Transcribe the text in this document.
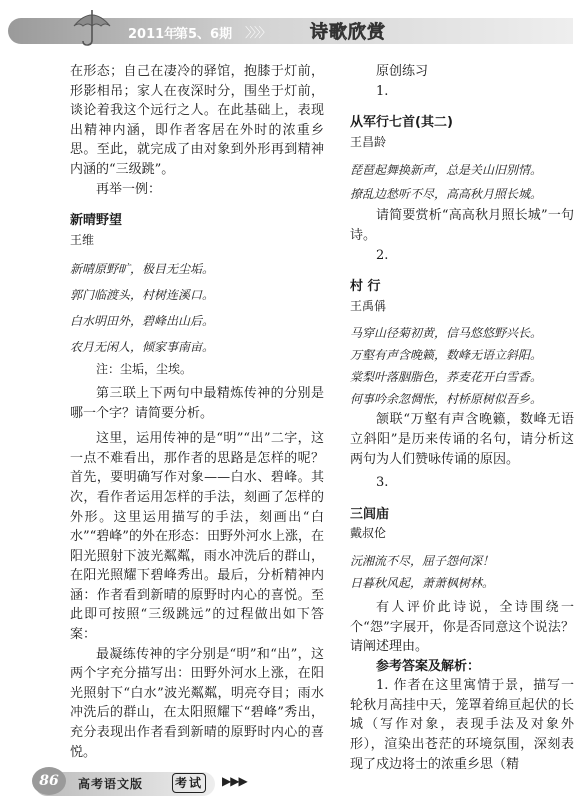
2011年
第5、6期 〉〉〉〉 诗歌欣赏

在形态；自己在凄冷的驿馆，抱膝于灯前，形影相吊；家人在夜深时分，围坐于灯前，谈论着我这个远行之人。在此基础上，表现出精神内涵，即作者客居在外时的浓重乡思。至此，就完成了由对象到外形再到精神内涵的“三级跳”。

再举一例：

新晴野望

王维

新晴原野旷，极目无尘垢。

郭门临渡头，村树连溪口。

白水明田外，碧峰出山后。

农月无闲人，倾家事南亩。

注：尘垢，尘埃。

第三联上下两句中最精炼传神的分别是哪一个字？请简要分析。

这里，运用传神的是“明”“出”二字，这一点不难看出，那作者的思路是怎样的呢？首先，要明确写作对象——白水、碧峰。其次，看作者运用怎样的手法，刻画了怎样的外形。这里运用描写的手法，刻画出“白水”“碧峰”的外在形态：田野外河水上涨，在阳光照射下波光粼粼，雨水冲洗后的群山，在阳光照耀下碧峰秀出。最后，分析精神内涵：作者看到新晴的原野时内心的喜悦。至此即可按照“三级跳远”的过程做出如下答案：

最凝练传神的字分别是“明”和“出”，这两个字充分描写出：田野外河水上涨，在阳光照射下“白水”波光粼粼，明亮夺目；雨水冲洗后的群山，在太阳照耀下“碧峰”秀出，充分表现出作者看到新晴的原野时内心的喜悦。

原创练习

1.

从军行七首(其二)

王昌龄

琵琶起舞换新声，总是关山旧别情。

撩乱边愁听不尽，高高秋月照长城。

请简要赏析“高高秋月照长城”一句诗。

2.

村 行

王禹偁

马穿山径菊初黄，信马悠悠野兴长。

万壑有声含晚籁，数峰无语立斜阳。

棠梨叶落胭脂色，荞麦花开白雪香。

何事吟余忽惆怅，村桥原树似吾乡。

颔联“万壑有声含晚籁，数峰无语立斜阳”是历来传诵的名句，请分析这两句为人们赞咏传诵的原因。

3.

三闾庙

戴叔伦

沅湘流不尽，屈子怨何深！

日暮秋风起，萧萧枫树林。

有人评价此诗说，全诗围绕一个“怨”字展开，你是否同意这个说法？请阐述理由。

参考答案及解析：

1. 作者在这里寓情于景，描写一轮秋月高挂中天，笼罩着绵亘起伏的长城（写作对象，表现手法及对象外形），渲染出苍茫的环境氛围，深刻表现了戍边将士的浓重乡思（精

86	高考语文版	考试 ▶▶▶
